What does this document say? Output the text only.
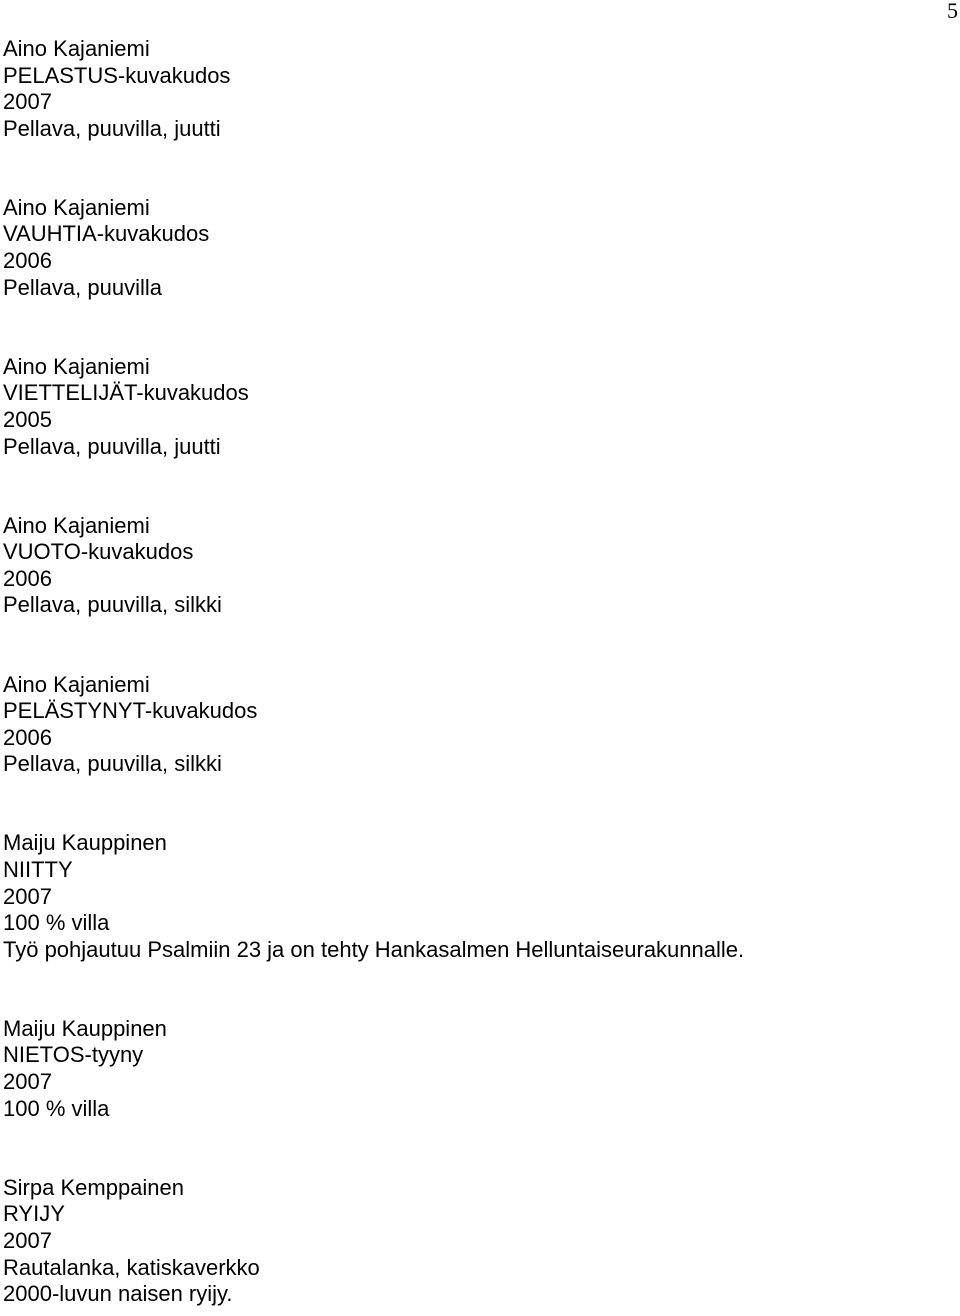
5
Aino Kajaniemi
PELASTUS-kuvakudos
2007
Pellava, puuvilla, juutti
Aino Kajaniemi
VAUHTIA-kuvakudos
2006
Pellava, puuvilla
Aino Kajaniemi
VIETTELIJÄT-kuvakudos
2005
Pellava, puuvilla, juutti
Aino Kajaniemi
VUOTO-kuvakudos
2006
Pellava, puuvilla, silkki
Aino Kajaniemi
PELÄSTYNYT-kuvakudos
2006
Pellava, puuvilla, silkki
Maiju Kauppinen
NIITTY
2007
100 % villa
Työ pohjautuu Psalmiin 23 ja on tehty Hankasalmen Helluntaiseurakunnalle.
Maiju Kauppinen
NIETOS-tyyny
2007
100 % villa
Sirpa Kemppainen
RYIJY
2007
Rautalanka, katiskaverkko
2000-luvun naisen ryijy.
